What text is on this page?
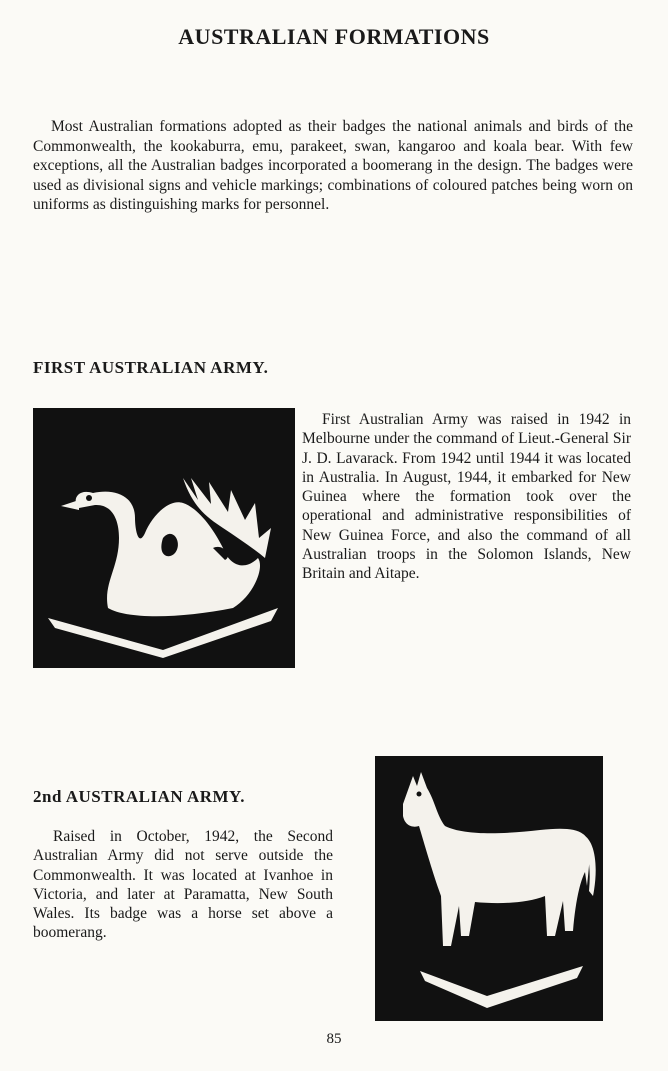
AUSTRALIAN FORMATIONS
Most Australian formations adopted as their badges the national animals and birds of the Commonwealth, the kookaburra, emu, parakeet, swan, kangaroo and koala bear. With few exceptions, all the Australian badges incorporated a boomerang in the design. The badges were used as divisional signs and vehicle markings; combinations of coloured patches being worn on uniforms as distinguishing marks for personnel.
FIRST AUSTRALIAN ARMY.
First Australian Army was raised in 1942 in Melbourne under the command of Lieut.-General Sir J. D. Lavarack. From 1942 until 1944 it was located in Australia. In August, 1944, it embarked for New Guinea where the formation took over the operational and administrative responsibilities of New Guinea Force, and also the command of all Australian troops in the Solomon Islands, New Britain and Aitape.
2nd AUSTRALIAN ARMY.
Raised in October, 1942, the Second Australian Army did not serve outside the Commonwealth. It was located at Ivanhoe in Victoria, and later at Paramatta, New South Wales. Its badge was a horse set above a boomerang.
85
